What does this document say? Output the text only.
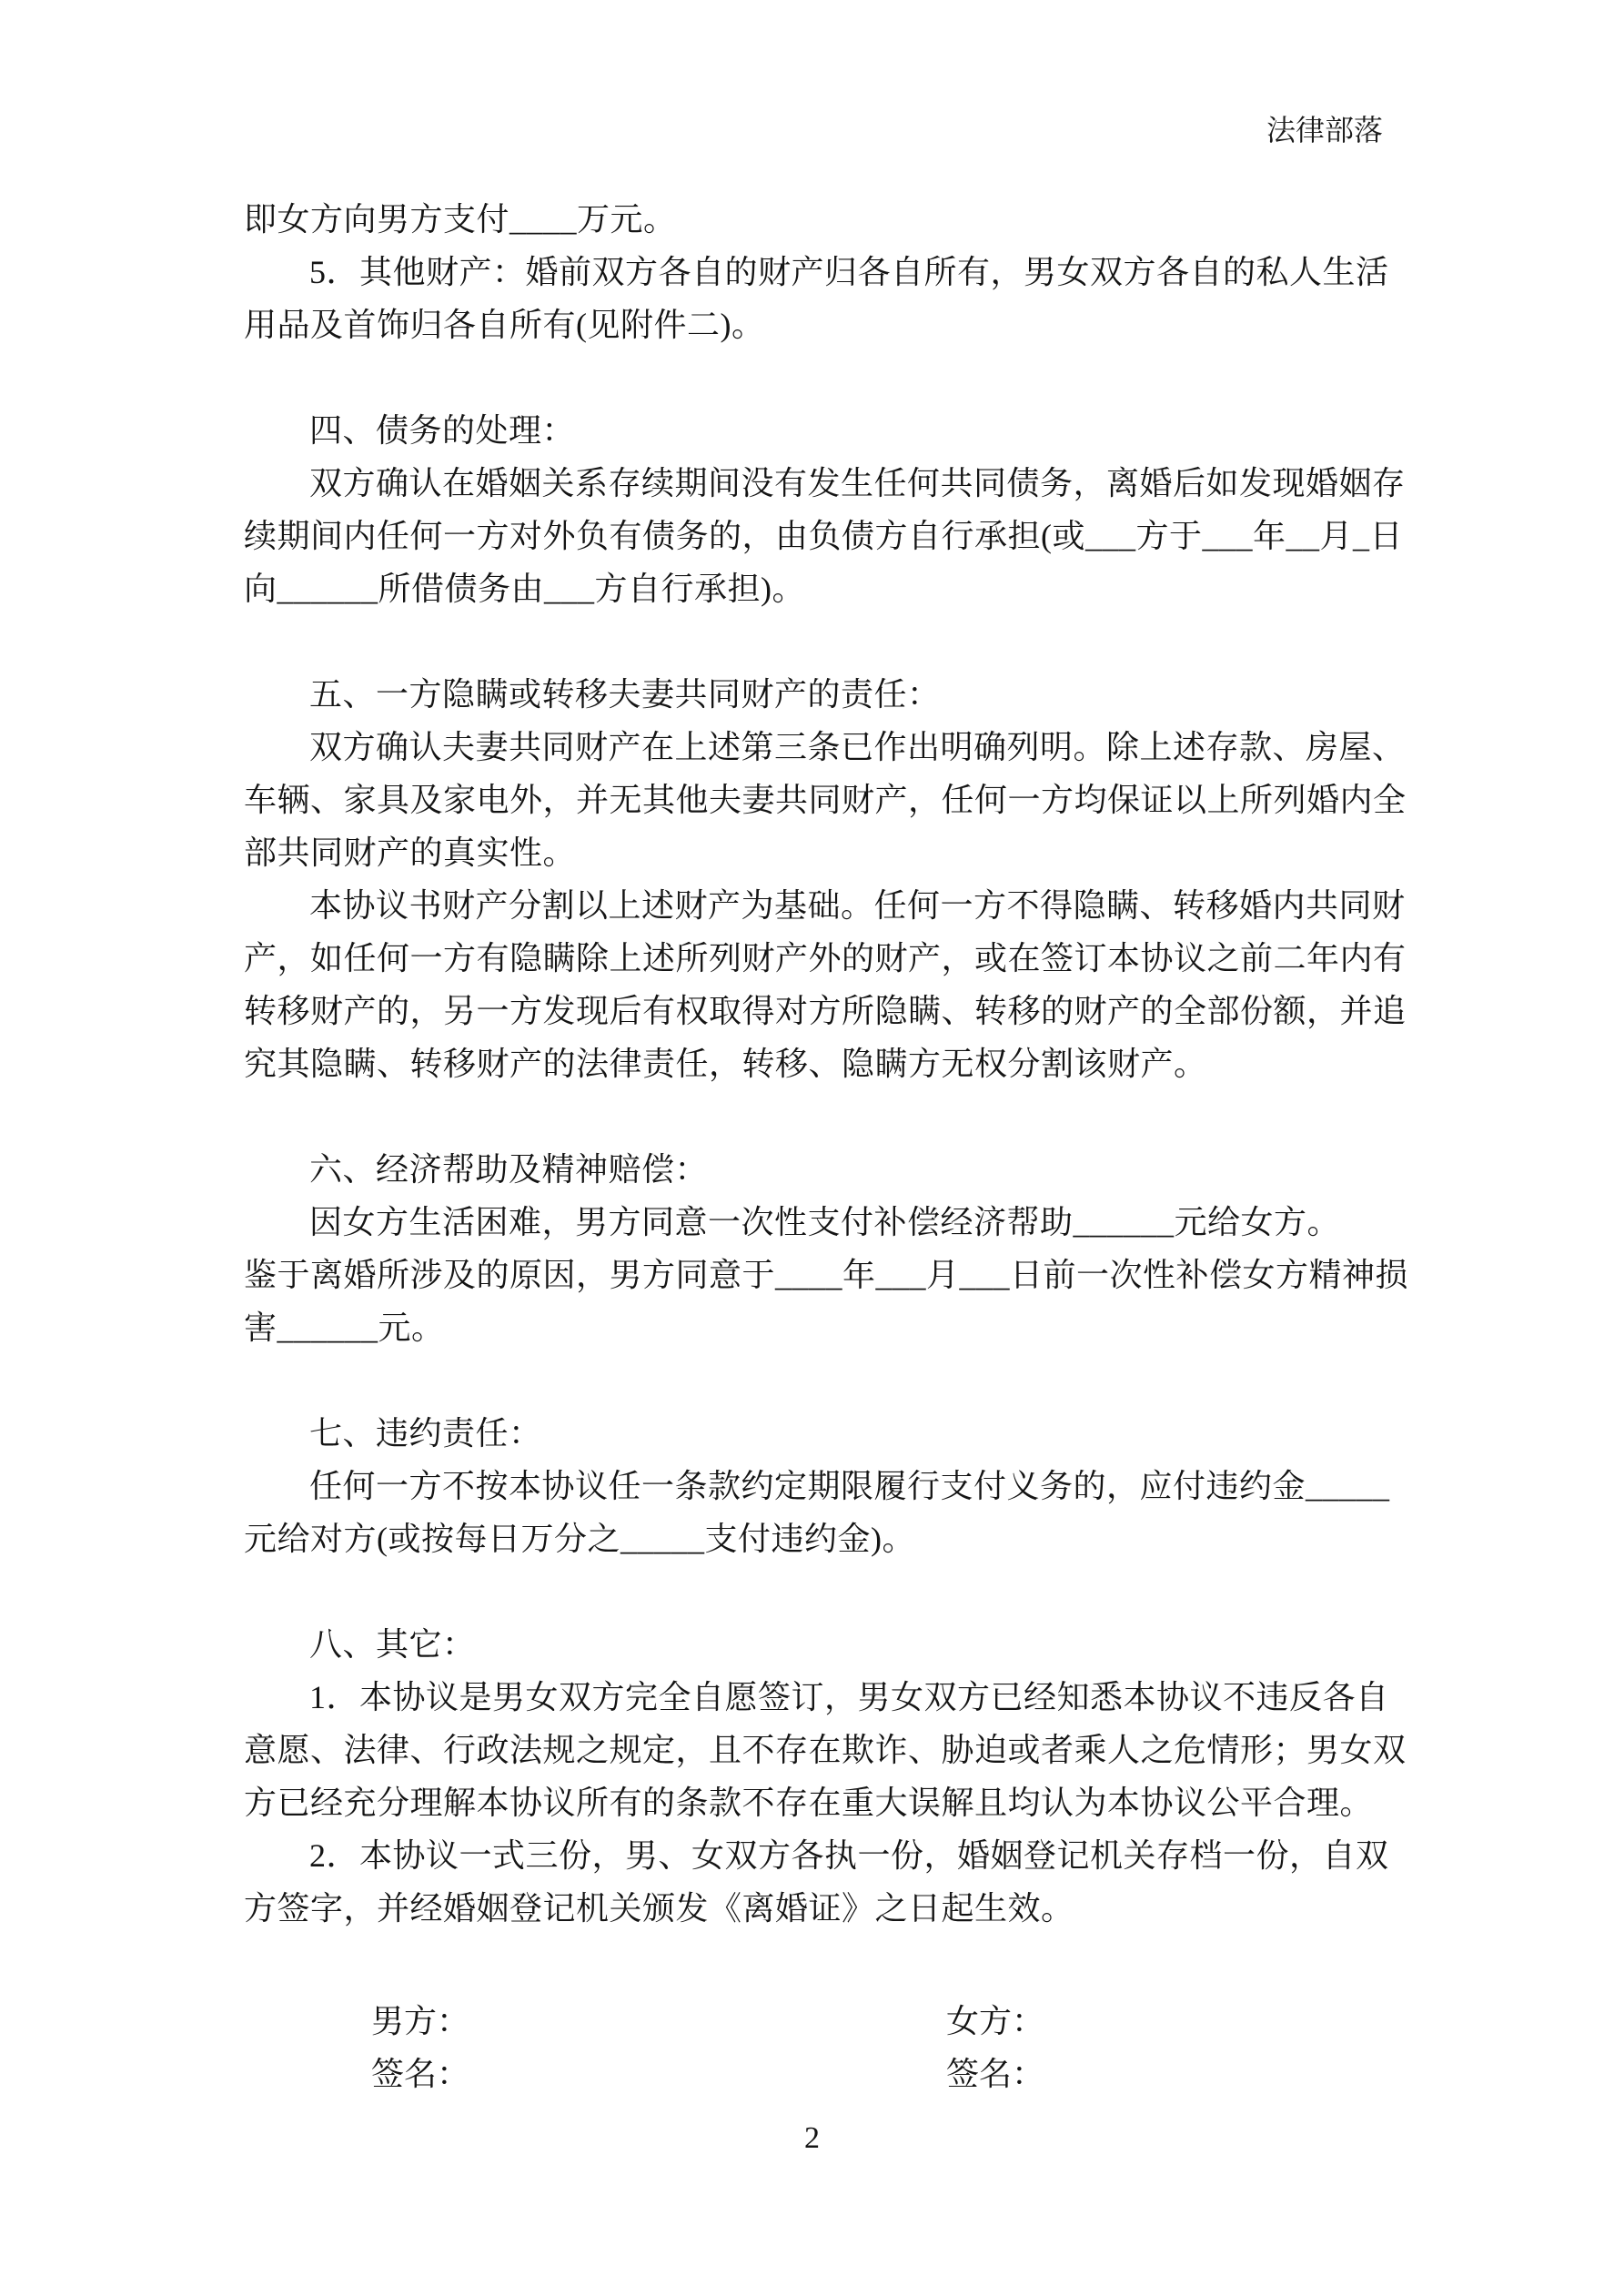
法律部落
即女方向男方支付____万元。
5．其他财产：婚前双方各自的财产归各自所有，男女双方各自的私人生活
用品及首饰归各自所有(见附件二)。
四、债务的处理：
双方确认在婚姻关系存续期间没有发生任何共同债务，离婚后如发现婚姻存
续期间内任何一方对外负有债务的，由负债方自行承担(或___方于___年__月_日
向______所借债务由___方自行承担)。
五、一方隐瞒或转移夫妻共同财产的责任：
双方确认夫妻共同财产在上述第三条已作出明确列明。除上述存款、房屋、
车辆、家具及家电外，并无其他夫妻共同财产，任何一方均保证以上所列婚内全
部共同财产的真实性。
本协议书财产分割以上述财产为基础。任何一方不得隐瞒、转移婚内共同财
产，如任何一方有隐瞒除上述所列财产外的财产，或在签订本协议之前二年内有
转移财产的，另一方发现后有权取得对方所隐瞒、转移的财产的全部份额，并追
究其隐瞒、转移财产的法律责任，转移、隐瞒方无权分割该财产。
六、经济帮助及精神赔偿：
因女方生活困难，男方同意一次性支付补偿经济帮助______元给女方。
鉴于离婚所涉及的原因，男方同意于____年___月___日前一次性补偿女方精神损
害______元。
七、违约责任：
任何一方不按本协议任一条款约定期限履行支付义务的，应付违约金_____
元给对方(或按每日万分之_____支付违约金)。
八、其它：
1．本协议是男女双方完全自愿签订，男女双方已经知悉本协议不违反各自
意愿、法律、行政法规之规定，且不存在欺诈、胁迫或者乘人之危情形；男女双
方已经充分理解本协议所有的条款不存在重大误解且均认为本协议公平合理。
2．本协议一式三份，男、女双方各执一份，婚姻登记机关存档一份，自双
方签字，并经婚姻登记机关颁发《离婚证》之日起生效。
男方：	女方：
签名：	签名：
2
